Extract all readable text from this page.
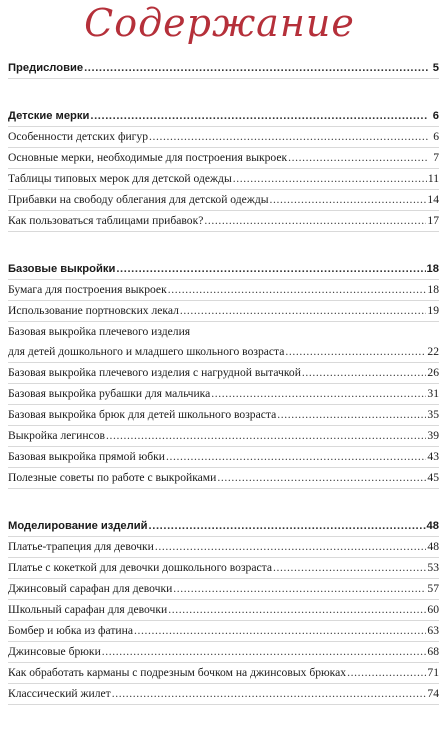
Содержание
Предисловие .....	5
Детские мерки .....	6
Особенности детских фигур .....	6
Основные мерки, необходимые для построения выкроек .....	7
Таблицы типовых мерок для детской одежды .....	11
Прибавки на свободу облегания для детской одежды .....	14
Как пользоваться таблицами прибавок? .....	17
Базовые выкройки .....	18
Бумага для построения выкроек .....	18
Использование портновских лекал .....	19
Базовая выкройка плечевого изделия
для детей дошкольного и младшего школьного возраста .....	22
Базовая выкройка плечевого изделия с нагрудной вытачкой .....	26
Базовая выкройка рубашки для мальчика .....	31
Базовая выкройка брюк для детей школьного возраста .....	35
Выкройка легинсов .....	39
Базовая выкройка прямой юбки .....	43
Полезные советы по работе с выкройками .....	45
Моделирование изделий .....	48
Платье-трапеция для девочки .....	48
Платье с кокеткой для девочки дошкольного возраста .....	53
Джинсовый сарафан для девочки .....	57
Школьный сарафан для девочки .....	60
Бомбер и юбка из фатина .....	63
Джинсовые брюки .....	68
Как обработать карманы с подрезным бочком на джинсовых брюках .....	71
Классический жилет .....	74
